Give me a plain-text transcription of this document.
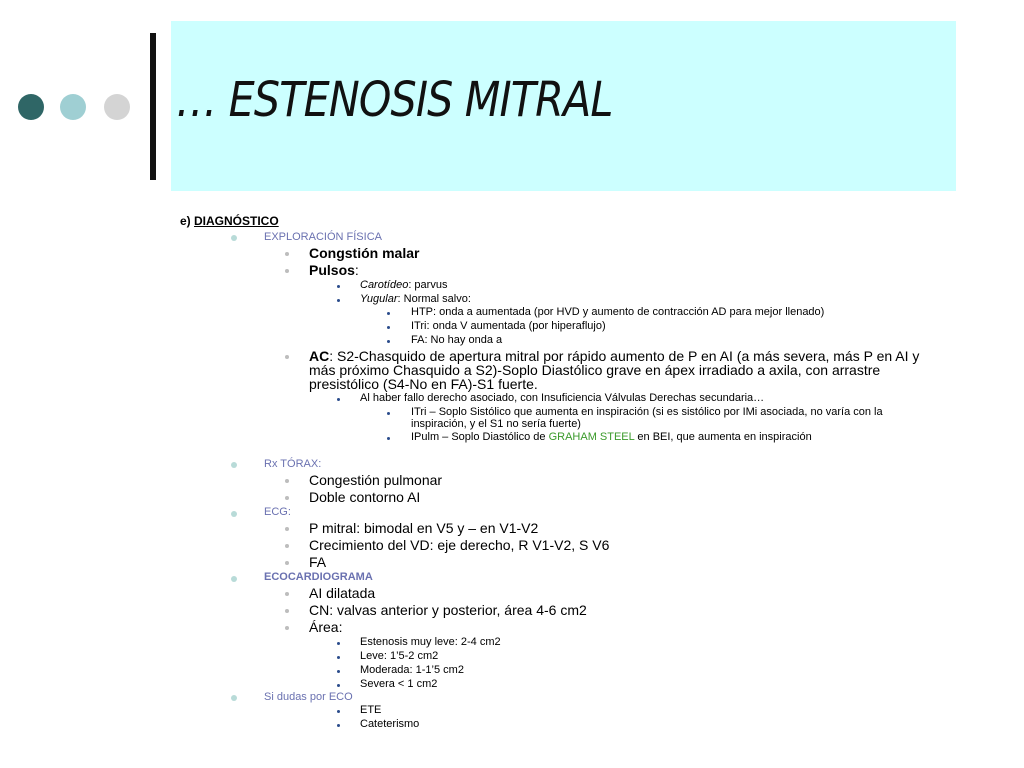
… ESTENOSIS MITRAL
e) DIAGNÓSTICO
EXPLORACIÓN FÍSICA
Congstión malar
Pulsos:
Carotídeo: parvus
Yugular: Normal salvo:
HTP: onda a aumentada (por HVD y aumento de contracción AD para mejor llenado)
ITri: onda V aumentada (por hiperaflujo)
FA: No hay onda a
AC: S2-Chasquido de apertura mitral por rápido aumento de P en AI (a más severa, más P en AI y
más próximo Chasquido a S2)-Soplo Diastólico grave en ápex irradiado a axila, con arrastre
presistólico (S4-No en FA)-S1 fuerte.
Al haber fallo derecho asociado, con Insuficiencia Válvulas Derechas secundaria…
ITri – Soplo Sistólico que aumenta en inspiración (si es sistólico por IMi asociada, no varía con la
inspiración, y el S1 no sería fuerte)
IPulm – Soplo Diastólico de GRAHAM STEEL en BEI, que aumenta en inspiración
Rx TÓRAX:
Congestión pulmonar
Doble contorno AI
ECG:
P mitral: bimodal en V5 y – en V1-V2
Crecimiento del VD: eje derecho, R V1-V2, S V6
FA
ECOCARDIOGRAMA
AI dilatada
CN: valvas anterior y posterior, área 4-6 cm2
Área:
Estenosis muy leve: 2-4 cm2
Leve: 1’5-2 cm2
Moderada: 1-1’5 cm2
Severa < 1 cm2
Si dudas por ECO
ETE
Cateterismo
